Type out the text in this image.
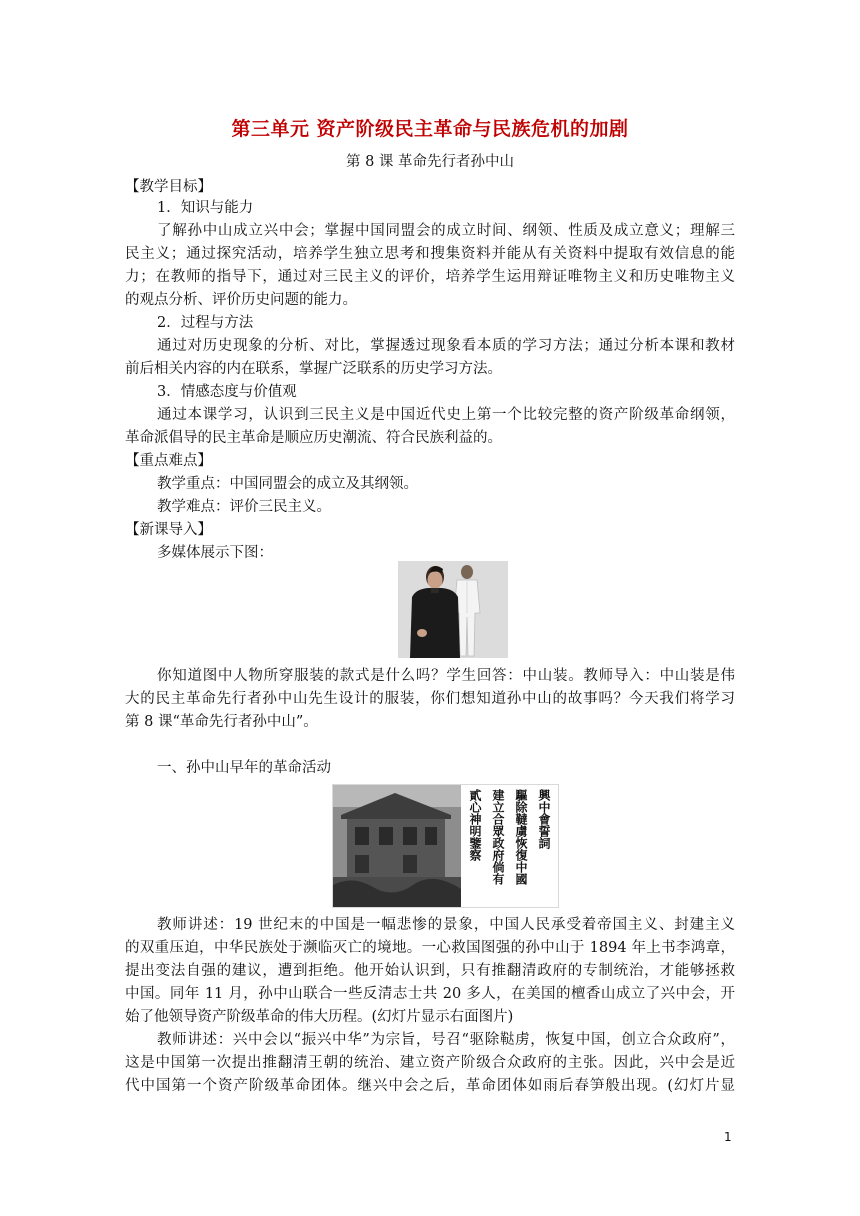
第三单元 资产阶级民主革命与民族危机的加剧
第 8 课 革命先行者孙中山
【教学目标】
1．知识与能力
了解孙中山成立兴中会；掌握中国同盟会的成立时间、纲领、性质及成立意义；理解三
民主义；通过探究活动，培养学生独立思考和搜集资料并能从有关资料中提取有效信息的能
力；在教师的指导下，通过对三民主义的评价，培养学生运用辩证唯物主义和历史唯物主义
的观点分析、评价历史问题的能力。
2．过程与方法
通过对历史现象的分析、对比，掌握透过现象看本质的学习方法；通过分析本课和教材
前后相关内容的内在联系，掌握广泛联系的历史学习方法。
3．情感态度与价值观
通过本课学习，认识到三民主义是中国近代史上第一个比较完整的资产阶级革命纲领，
革命派倡导的民主革命是顺应历史潮流、符合民族利益的。
【重点难点】
教学重点：中国同盟会的成立及其纲领。
教学难点：评价三民主义。
【新课导入】
多媒体展示下图：
你知道图中人物所穿服装的款式是什么吗？学生回答：中山装。教师导入：中山装是伟
大的民主革命先行者孙中山先生设计的服装，你们想知道孙中山的故事吗？今天我们将学习
第 8 课“革命先行者孙中山”。
一、孙中山早年的革命活动
興中會誓詞
驅除韃虜恢復中國
建立合眾政府倘有
貳心神明鑒察
教师讲述：19 世纪末的中国是一幅悲惨的景象，中国人民承受着帝国主义、封建主义
的双重压迫，中华民族处于濒临灭亡的境地。一心救国图强的孙中山于 1894 年上书李鸿章，
提出变法自强的建议，遭到拒绝。他开始认识到，只有推翻清政府的专制统治，才能够拯救
中国。同年 11 月，孙中山联合一些反清志士共 20 多人，在美国的檀香山成立了兴中会，开
始了他领导资产阶级革命的伟大历程。(幻灯片显示右面图片)
教师讲述：兴中会以“振兴中华”为宗旨，号召“驱除鞑虏，恢复中国，创立合众政府”，
这是中国第一次提出推翻清王朝的统治、建立资产阶级合众政府的主张。因此，兴中会是近
代中国第一个资产阶级革命团体。继兴中会之后，革命团体如雨后春笋般出现。(幻灯片显
1
